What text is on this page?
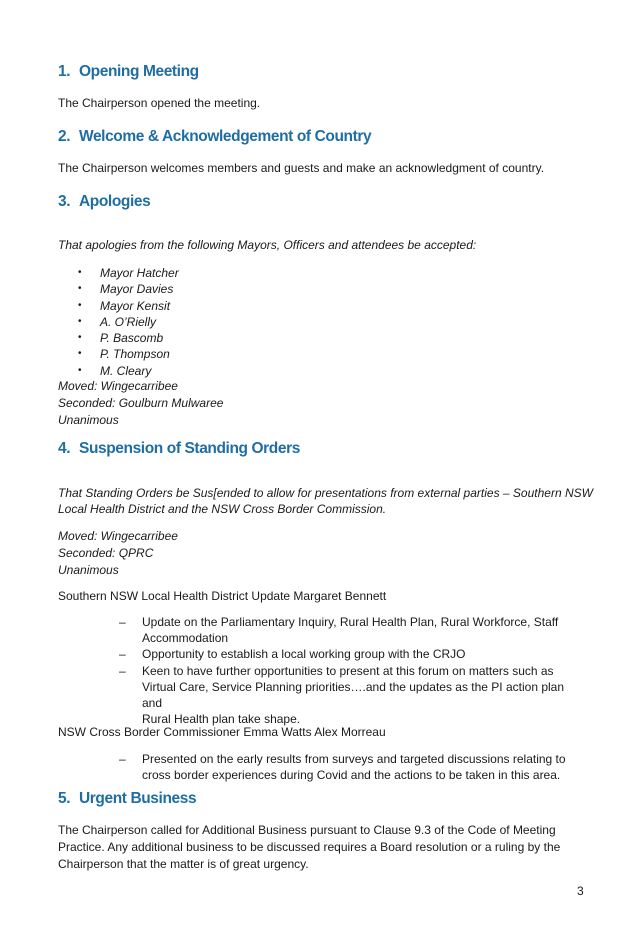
1. Opening Meeting

The Chairperson opened the meeting.

2. Welcome & Acknowledgement of Country

The Chairperson welcomes members and guests and make an acknowledgment of country.

3. Apologies

That apologies from the following Mayors, Officers and attendees be accepted:

• Mayor Hatcher
• Mayor Davies
• Mayor Kensit
• A. O’Rielly
• P. Bascomb
• P. Thompson
• M. Cleary

Moved: Wingecarribee

Seconded: Goulburn Mulwaree

Unanimous

4. Suspension of Standing Orders

That Standing Orders be Sus[ended to allow for presentations from external parties – Southern NSW

Local Health District and the NSW Cross Border Commission.

Moved: Wingecarribee

Seconded: QPRC

Unanimous

Southern NSW Local Health District Update Margaret Bennett

– Update on the Parliamentary Inquiry, Rural Health Plan, Rural Workforce, Staff
Accommodation
– Opportunity to establish a local working group with the CRJO
– Keen to have further opportunities to present at this forum on matters such as
Virtual Care, Service Planning priorities….and the updates as the PI action plan and
Rural Health plan take shape.

NSW Cross Border Commissioner Emma Watts Alex Morreau

– Presented on the early results from surveys and targeted discussions relating to
cross border experiences during Covid and the actions to be taken in this area.
5. Urgent Business

The Chairperson called for Additional Business pursuant to Clause 9.3 of the Code of Meeting

Practice. Any additional business to be discussed requires a Board resolution or a ruling by the

Chairperson that the matter is of great urgency.

3
